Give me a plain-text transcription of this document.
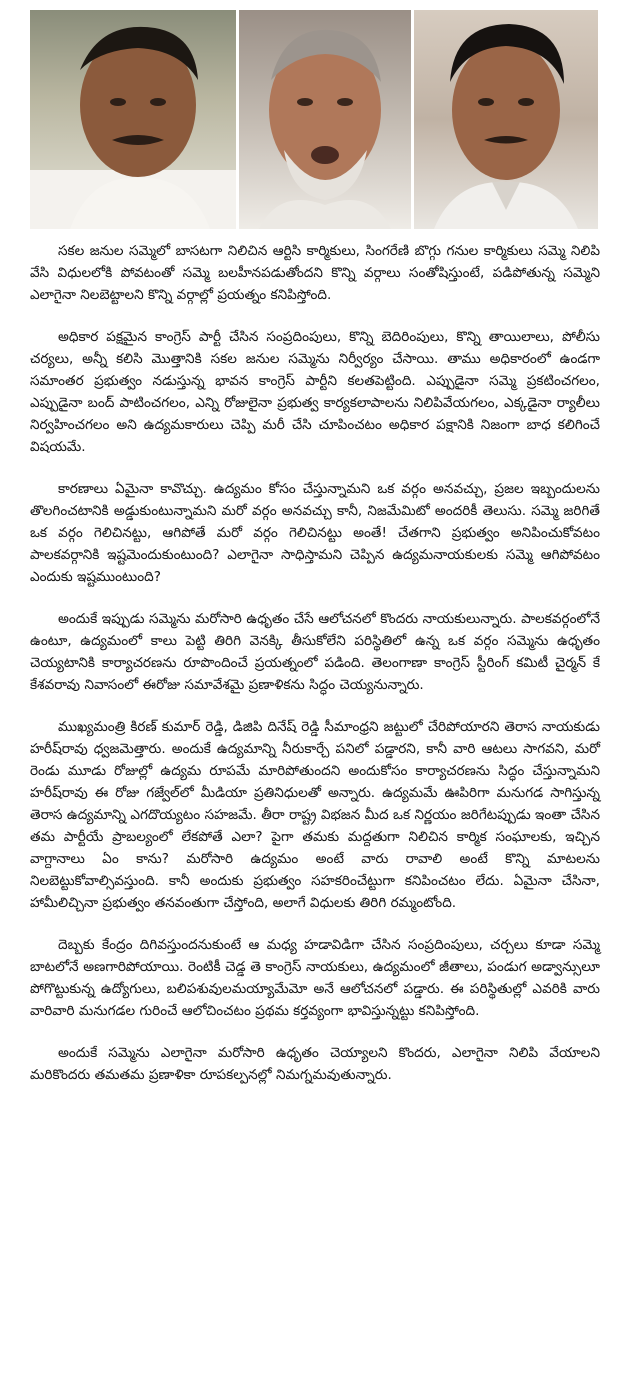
సకల జనుల సమ్మెలో బాసటగా నిలిచిన ఆర్టిసి కార్మికులు, సింగరేణి బొగ్గు గనుల కార్మికులు సమ్మె నిలిపి వేసి విధులలోకి పోవటంతో సమ్మె బలహీనపడుతోందని కొన్ని వర్గాలు సంతోషిస్తుంటే, పడిపోతున్న సమ్మెని ఎలాగైనా నిలబెట్టాలని కొన్ని వర్గాల్లో ప్రయత్నం కనిపిస్తోంది.

అధికార పక్షమైన కాంగ్రెస్ పార్టీ చేసిన సంప్రదింపులు, కొన్ని బెదిరింపులు, కొన్ని తాయిలాలు, పోలీసు చర్యలు, అన్నీ కలిసి మొత్తానికి సకల జనుల సమ్మెను నిర్వీర్యం చేసాయి. తాము అధికారంలో ఉండగా సమాంతర ప్రభుత్వం నడుస్తున్న భావన కాంగ్రెస్ పార్టీని కలతపెట్టింది. ఎప్పుడైనా సమ్మె ప్రకటించగలం, ఎప్పుడైనా బంద్ పాటించగలం, ఎన్ని రోజులైనా ప్రభుత్వ కార్యకలాపాలను నిలిపివేయగలం, ఎక్కడైనా ర్యాలీలు నిర్వహించగలం అని ఉద్యమకారులు చెప్పి మరీ చేసి చూపించటం అధికార పక్షానికి నిజంగా బాధ కలిగించే విషయమే.

కారణాలు ఏమైనా కావొచ్చు. ఉద్యమం కోసం చేస్తున్నామని ఒక వర్గం అనవచ్చు, ప్రజల ఇబ్బందులను తొలగించటానికి అడ్డుకుంటున్నామని మరో వర్గం అనవచ్చు కానీ, నిజమేమిటో అందరికీ తెలుసు. సమ్మె జరిగితే ఒక వర్గం గెలిచినట్టు, ఆగిపోతే మరో వర్గం గెలిచినట్టు అంతే! చేతగాని ప్రభుత్వం అనిపించుకోవటం పాలకవర్గానికి ఇష్టమెందుకుంటుంది? ఎలాగైనా సాధిస్తామని చెప్పిన ఉద్యమనాయకులకు సమ్మె ఆగిపోవటం ఎందుకు ఇష్టముంటుంది?

అందుకే ఇప్పుడు సమ్మెను మరోసారి ఉధృతం చేసే ఆలోచనలో కొందరు నాయకులున్నారు. పాలకవర్గంలోనే ఉంటూ, ఉద్యమంలో కాలు పెట్టి తిరిగి వెనక్కి తీసుకోలేని పరిస్థితిలో ఉన్న ఒక వర్గం సమ్మెను ఉధృతం చెయ్యటానికి కార్యాచరణను రూపొందించే ప్రయత్నంలో పడింది. తెలంగాణా కాంగ్రెస్ స్టీరింగ్ కమిటీ చైర్మన్ కే కేశవరావు నివాసంలో ఈరోజు సమావేశమై ప్రణాళికను సిద్ధం చెయ్యనున్నారు.

ముఖ్యమంత్రి కిరణ్ కుమార్ రెడ్డి, డిజిపి దినేష్ రెడ్డి సీమాంధ్రని జట్టులో చేరిపోయారని తెరాస నాయకుడు హరీష్‌రావు ధ్వజమెత్తారు. అందుకే ఉద్యమాన్ని నీరుకార్చే పనిలో పడ్డారని, కానీ వారి ఆటలు సాగవని, మరో రెండు మూడు రోజుల్లో ఉద్యమ రూపమే మారిపోతుందని అందుకోసం కార్యాచరణను సిద్ధం చేస్తున్నామని హరీష్‌రావు ఈ రోజు గజ్వేల్‌లో మీడియా ప్రతినిధులతో అన్నారు. ఉద్యమమే ఊపిరిగా మనుగడ సాగిస్తున్న తెరాస ఉద్యమాన్ని ఎగదొయ్యటం సహజమే. తీరా రాష్ట్ర విభజన మీద ఒక నిర్ణయం జరిగేటప్పుడు ఇంతా చేసిన తమ పార్టీయే ప్రాబల్యంలో లేకపోతే ఎలా? పైగా తమకు మద్దతుగా నిలిచిన కార్మిక సంఘాలకు, ఇచ్చిన వాగ్దానాలు ఏం కాను? మరోసారి ఉద్యమం అంటే వారు రావాలి అంటే కొన్ని మాటలను నిలబెట్టుకోవాల్సివస్తుంది. కానీ అందుకు ప్రభుత్వం సహకరించేట్టుగా కనిపించటం లేదు. ఏమైనా చేసినా, హామీలిచ్చినా ప్రభుత్వం తనవంతుగా చేస్తోంది, అలాగే విధులకు తిరిగి రమ్మంటోంది.

దెబ్బకు కేంద్రం దిగివస్తుందనుకుంటే ఆ మధ్య హడావిడిగా చేసిన సంప్రదింపులు, చర్చలు కూడా సమ్మె బాటలోనే అణగారిపోయాయి. రెంటికీ చెడ్డ తె కాంగ్రెస్ నాయకులు, ఉద్యమంలో జీతాలు, పండుగ అడ్వాన్సులూ పోగొట్టుకున్న ఉద్యోగులు, బలిపశువులమయ్యామేమో అనే ఆలోచనలో పడ్డారు. ఈ పరిస్థితుల్లో ఎవరికి వారు వారివారి మనుగడల గురించే ఆలోచించటం ప్రథమ కర్తవ్యంగా భావిస్తున్నట్టు కనిపిస్తోంది.

అందుకే సమ్మెను ఎలాగైనా మరోసారి ఉధృతం చెయ్యాలని కొందరు, ఎలాగైనా నిలిపి వేయాలని మరికొందరు తమతమ ప్రణాళికా రూపకల్పనల్లో నిమగ్నమవుతున్నారు.
